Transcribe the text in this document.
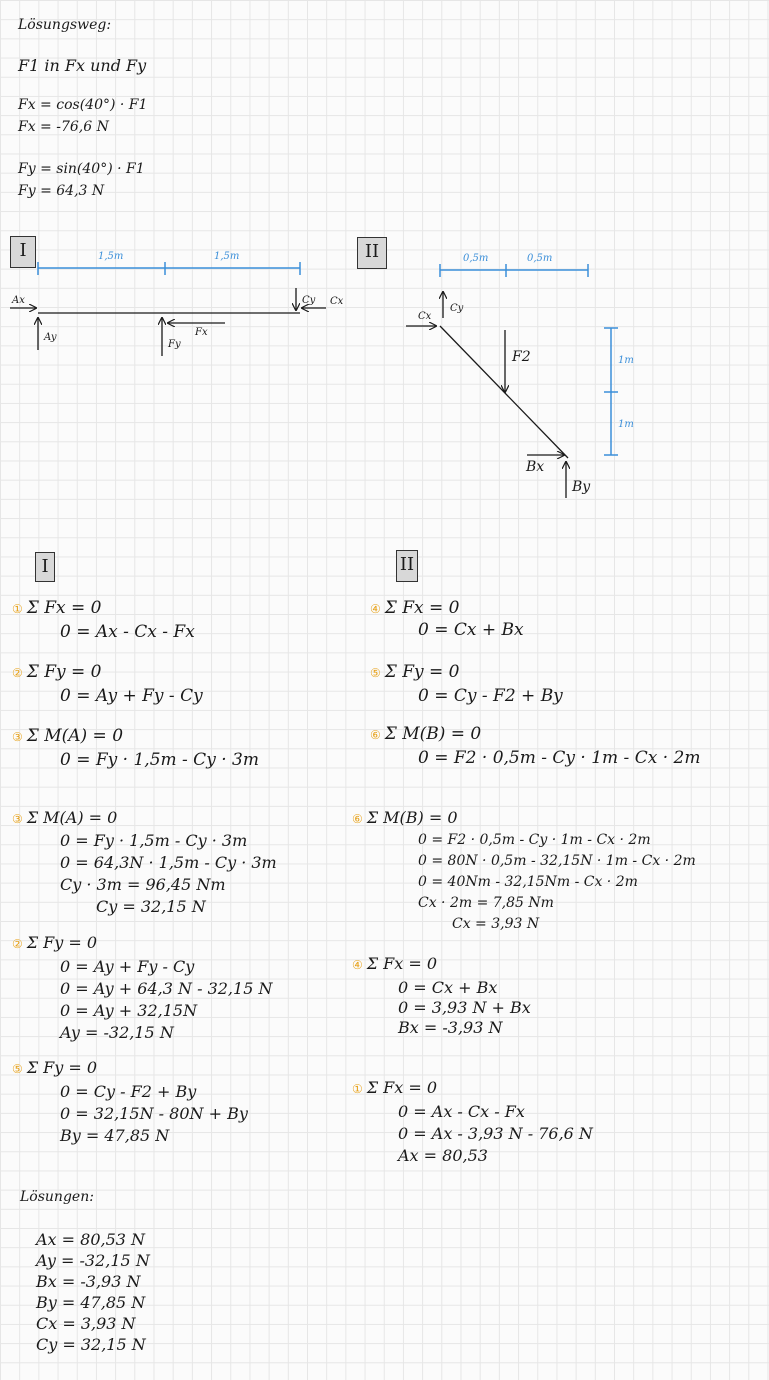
Lösungsweg:
F1 in Fx und Fy
Fx = cos(40°) · F1
Fx = -76,6 N
Fy = sin(40°) · F1
Fy = 64,3 N
I	1,5m	1,5m
Ax
Ay
Fy
Fx
Cy Cx
II	0,5m	0,5m
1m
1m
Cx
Cy
F2
Bx
By
I	II
① Σ Fx = 0
0 = Ax - Cx - Fx
② Σ Fy = 0
0 = Ay + Fy - Cy
③ Σ M(A) = 0
0 = Fy · 1,5m - Cy · 3m
④ Σ Fx = 0
0 = Cx + Bx
⑤ Σ Fy = 0
0 = Cy - F2 + By
⑥ Σ M(B) = 0
0 = F2 · 0,5m - Cy · 1m - Cx · 2m
③ Σ M(A) = 0
0 = Fy · 1,5m - Cy · 3m
0 = 64,3N · 1,5m - Cy · 3m
Cy · 3m = 96,45 Nm
Cy = 32,15 N
② Σ Fy = 0
0 = Ay + Fy - Cy
0 = Ay + 64,3 N - 32,15 N
0 = Ay + 32,15N
Ay = -32,15 N
⑤ Σ Fy = 0
0 = Cy - F2 + By
0 = 32,15N - 80N + By
By = 47,85 N
⑥ Σ M(B) = 0
0 = F2 · 0,5m - Cy · 1m - Cx · 2m
0 = 80N · 0,5m - 32,15N · 1m - Cx · 2m
0 = 40Nm - 32,15Nm - Cx · 2m
Cx · 2m = 7,85 Nm
Cx = 3,93 N
④ Σ Fx = 0
0 = Cx + Bx
0 = 3,93 N + Bx
Bx = -3,93 N
① Σ Fx = 0
0 = Ax - Cx - Fx
0 = Ax - 3,93 N - 76,6 N
Ax = 80,53
Lösungen:
Ax = 80,53 N
Ay = -32,15 N
Bx = -3,93 N
By = 47,85 N
Cx = 3,93 N
Cy = 32,15 N
